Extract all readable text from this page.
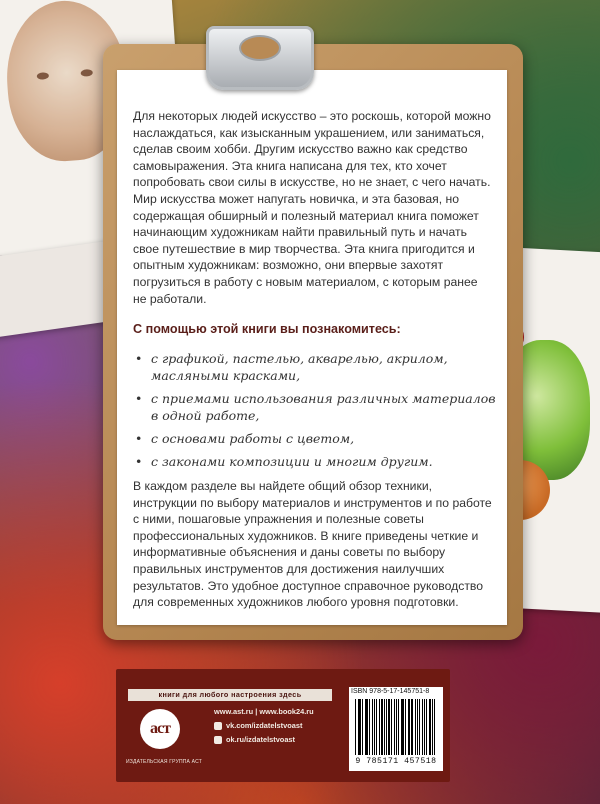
Для некоторых людей искусство – это роскошь, которой можно наслаждаться, как изысканным украшением, или заниматься, сделав своим хобби. Другим искусство важно как средство самовыражения. Эта книга написана для тех, кто хочет попробовать свои силы в искусстве, но не знает, с чего начать. Мир искусства может напугать новичка, и эта базовая, но содержащая обширный и полезный материал книга поможет начинающим художникам найти правильный путь и начать свое путешествие в мир творчества. Эта книга пригодится и опытным художникам: возможно, они впервые захотят погрузиться в работу с новым материалом, с которым ранее не работали.

С помощью этой книги вы познакомитесь:
• с графикой, пастелью, акварелью, акрилом, масляными красками,
• с приемами использования различных материалов в одной работе,
• с основами работы с цветом,
• с законами композиции и многим другим.

В каждом разделе вы найдете общий обзор техники, инструкции по выбору материалов и инструментов и по работе с ними, пошаговые упражнения и полезные советы профессиональных художников. В книге приведены четкие и информативные объяснения и даны советы по выбору правильных инструментов для достижения наилучших результатов. Это удобное доступное справочное руководство для современных художников любого уровня подготовки.

книги для любого настроения здесь
аст
ИЗДАТЕЛЬСКАЯ ГРУППА АСТ
www.ast.ru | www.book24.ru
vk.com/izdatelstvoast
ok.ru/izdatelstvoast
ISBN 978-5-17-145751-8
9 785171 457518
